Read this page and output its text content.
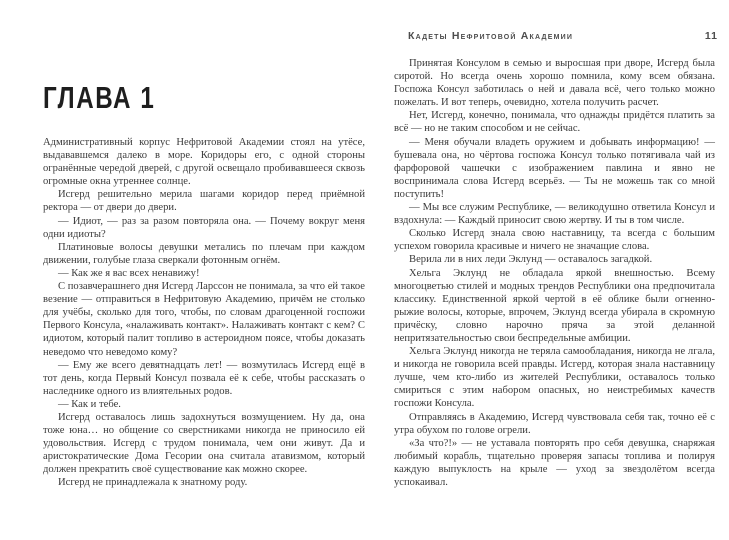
Кадеты Нефритовой Академии	11
ГЛАВА 1

Административный корпус Нефритовой Академии стоял на утёсе, выдававшемся далеко в море. Коридоры его, с одной стороны огранённые чередой дверей, с другой освещало пробивавшееся сквозь огромные окна утреннее солнце.

Исгерд решительно мерила шагами коридор перед приёмной ректора — от двери до двери.

— Идиот, — раз за разом повторяла она. — Почему вокруг меня одни идиоты?

Платиновые волосы девушки метались по плечам при каждом движении, голубые глаза сверкали фотонным огнём.

— Как же я вас всех ненавижу!

С позавчерашнего дня Исгерд Ларссон не понимала, за что ей такое везение — отправиться в Нефритовую Академию, причём не столько для учёбы, сколько для того, чтобы, по словам драгоценной госпожи Первого Консула, «налаживать контакт». Налаживать контакт с кем? С идиотом, который палит топливо в астероидном поясе, чтобы доказать неведомо что неведомо кому?

— Ему же всего девятнадцать лет! — возмутилась Исгерд ещё в тот день, когда Первый Консул позвала её к себе, чтобы рассказать о наследнике одного из влиятельных родов.

— Как и тебе.

Исгерд оставалось лишь задохнуться возмущением. Ну да, она тоже юна… но общение со сверстниками никогда не приносило ей удовольствия. Исгерд с трудом понимала, чем они живут. Да и аристократические Дома Гесории она считала атавизмом, который должен прекратить своё существование как можно скорее.

Исгерд не принадлежала к знатному роду.

Принятая Консулом в семью и выросшая при дворе, Исгерд была сиротой. Но всегда очень хорошо помнила, кому всем обязана. Госпожа Консул заботилась о ней и давала всё, чего только можно пожелать. И вот теперь, очевидно, хотела получить расчет.

Нет, Исгерд, конечно, понимала, что однажды придётся платить за всё — но не таким способом и не сейчас.

— Меня обучали владеть оружием и добывать информацию! — бушевала она, но чёртова госпожа Консул только потягивала чай из фарфоровой чашечки с изображением павлина и явно не воспринимала слова Исгерд всерьёз. — Ты не можешь так со мной поступить!

— Мы все служим Республике, — великодушно ответила Консул и вздохнула: — Каждый приносит свою жертву. И ты в том числе.

Сколько Исгерд знала свою наставницу, та всегда с большим успехом говорила красивые и ничего не значащие слова.

Верила ли в них леди Эклунд — оставалось загадкой.

Хельга Эклунд не обладала яркой внешностью. Всему многоцветью стилей и модных трендов Республики она предпочитала классику. Единственной яркой чертой в её облике были огненно-рыжие волосы, которые, впрочем, Эклунд всегда убирала в скромную причёску, словно нарочно пряча за этой деланной непритязательностью свои беспредельные амбиции.

Хельга Эклунд никогда не теряла самообладания, никогда не лгала, и никогда не говорила всей правды. Исгерд, которая знала наставницу лучше, чем кто-либо из жителей Республики, оставалось только смириться с этим набором опасных, но неистребимых качеств госпожи Консула.

Отправляясь в Академию, Исгерд чувствовала себя так, точно её с утра обухом по голове огрели.

«За что?!» — не уставала повторять про себя девушка, снаряжая любимый корабль, тщательно проверяя запасы топлива и полируя каждую выпуклость на крыле — уход за звездолётом всегда успокаивал.
